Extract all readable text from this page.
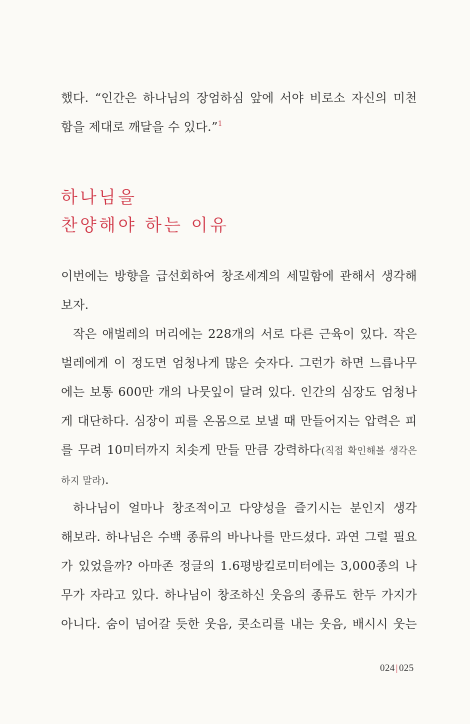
했다. “인간은 하나님의 장엄하심 앞에 서야 비로소 자신의 미천
함을 제대로 깨달을 수 있다.”$^1$

하나님을
찬양해야 하는 이유

이번에는 방향을 급선회하여 창조세계의 세밀함에 관해서 생각해
보자.

작은 애벌레의 머리에는 228개의 서로 다른 근육이 있다. 작은
벌레에게 이 정도면 엄청나게 많은 숫자다. 그런가 하면 느릅나무
에는 보통 600만 개의 나뭇잎이 달려 있다. 인간의 심장도 엄청나
게 대단하다. 심장이 피를 온몸으로 보낼 때 만들어지는 압력은 피
를 무려 10미터까지 치솟게 만들 만큼 강력하다(직접 확인해볼 생각은
하지 말라).

하나님이 얼마나 창조적이고 다양성을 즐기시는 분인지 생각
해보라. 하나님은 수백 종류의 바나나를 만드셨다. 과연 그럴 필요
가 있었을까? 아마존 정글의 1.6평방킬로미터에는 3,000종의 나
무가 자라고 있다. 하나님이 창조하신 웃음의 종류도 한두 가지가
아니다. 숨이 넘어갈 듯한 웃음, 콧소리를 내는 웃음, 배시시 웃는

024|025
